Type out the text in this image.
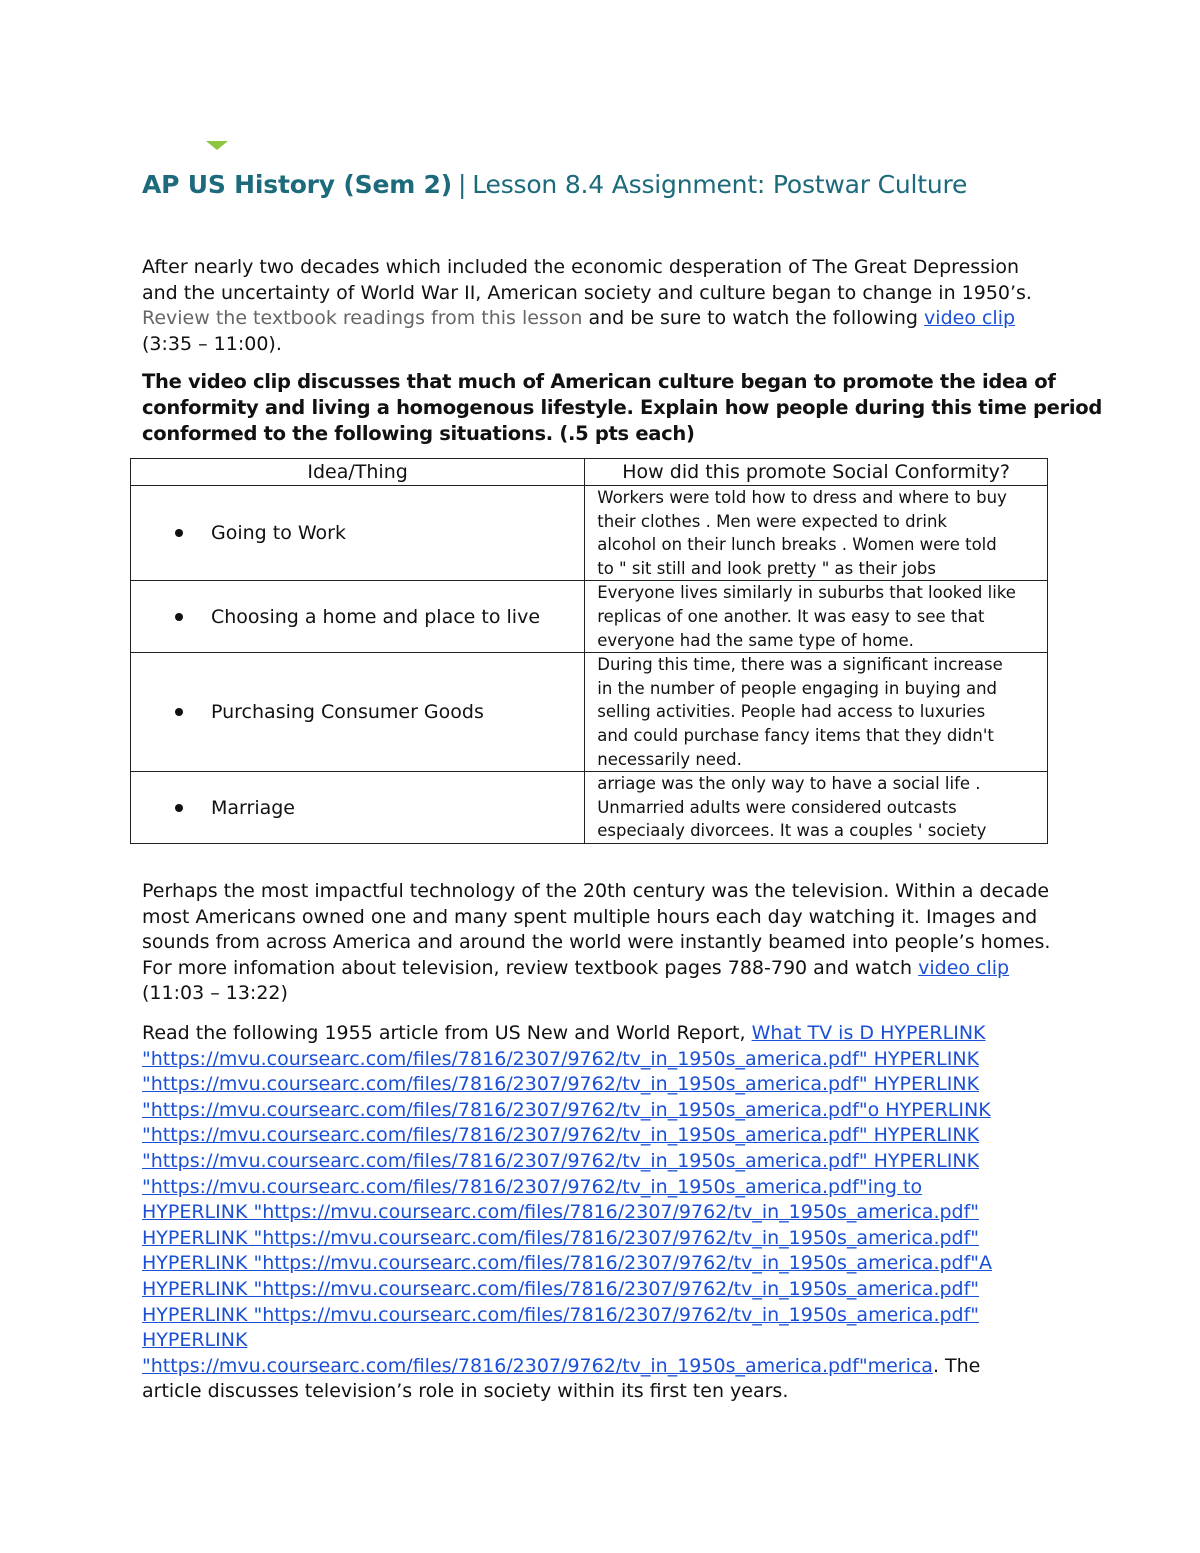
AP US History (Sem 2) | Lesson 8.4 Assignment: Postwar Culture
After nearly two decades which included the economic desperation of The Great Depression
and the uncertainty of World War II, American society and culture began to change in 1950’s.
Review the textbook readings from this lesson and be sure to watch the following video clip
(3:35 – 11:00).
The video clip discusses that much of American culture began to promote the idea of
conformity and living a homogenous lifestyle. Explain how people during this time period
conformed to the following situations. (.5 pts each)
Idea/Thing	How did this promote Social Conformity?

Going to Work	Workers were told how to dress and where to buy
their clothes . Men were expected to drink
alcohol on their lunch breaks . Women were told
to " sit still and look pretty " as their jobs

Choosing a home and place to live	Everyone lives similarly in suburbs that looked like
replicas of one another. It was easy to see that
everyone had the same type of home.

Purchasing Consumer Goods	During this time, there was a significant increase
in the number of people engaging in buying and
selling activities. People had access to luxuries
and could purchase fancy items that they didn't
necessarily need.

Marriage	arriage was the only way to have a social life .
Unmarried adults were considered outcasts
especiaaly divorcees. It was a couples ' society
Perhaps the most impactful technology of the 20th century was the television. Within a decade
most Americans owned one and many spent multiple hours each day watching it. Images and
sounds from across America and around the world were instantly beamed into people’s homes.
For more infomation about television, review textbook pages 788-790 and watch video clip
(11:03 – 13:22)
Read the following 1955 article from US New and World Report, What TV is D HYPERLINK
"https://mvu.coursearc.com/files/7816/2307/9762/tv_in_1950s_america.pdf" HYPERLINK
"https://mvu.coursearc.com/files/7816/2307/9762/tv_in_1950s_america.pdf" HYPERLINK
"https://mvu.coursearc.com/files/7816/2307/9762/tv_in_1950s_america.pdf"o HYPERLINK
"https://mvu.coursearc.com/files/7816/2307/9762/tv_in_1950s_america.pdf" HYPERLINK
"https://mvu.coursearc.com/files/7816/2307/9762/tv_in_1950s_america.pdf" HYPERLINK
"https://mvu.coursearc.com/files/7816/2307/9762/tv_in_1950s_america.pdf"ing to
HYPERLINK "https://mvu.coursearc.com/files/7816/2307/9762/tv_in_1950s_america.pdf"
HYPERLINK "https://mvu.coursearc.com/files/7816/2307/9762/tv_in_1950s_america.pdf"
HYPERLINK "https://mvu.coursearc.com/files/7816/2307/9762/tv_in_1950s_america.pdf"A
HYPERLINK "https://mvu.coursearc.com/files/7816/2307/9762/tv_in_1950s_america.pdf"
HYPERLINK "https://mvu.coursearc.com/files/7816/2307/9762/tv_in_1950s_america.pdf"
HYPERLINK
"https://mvu.coursearc.com/files/7816/2307/9762/tv_in_1950s_america.pdf"merica. The
article discusses television’s role in society within its first ten years.
